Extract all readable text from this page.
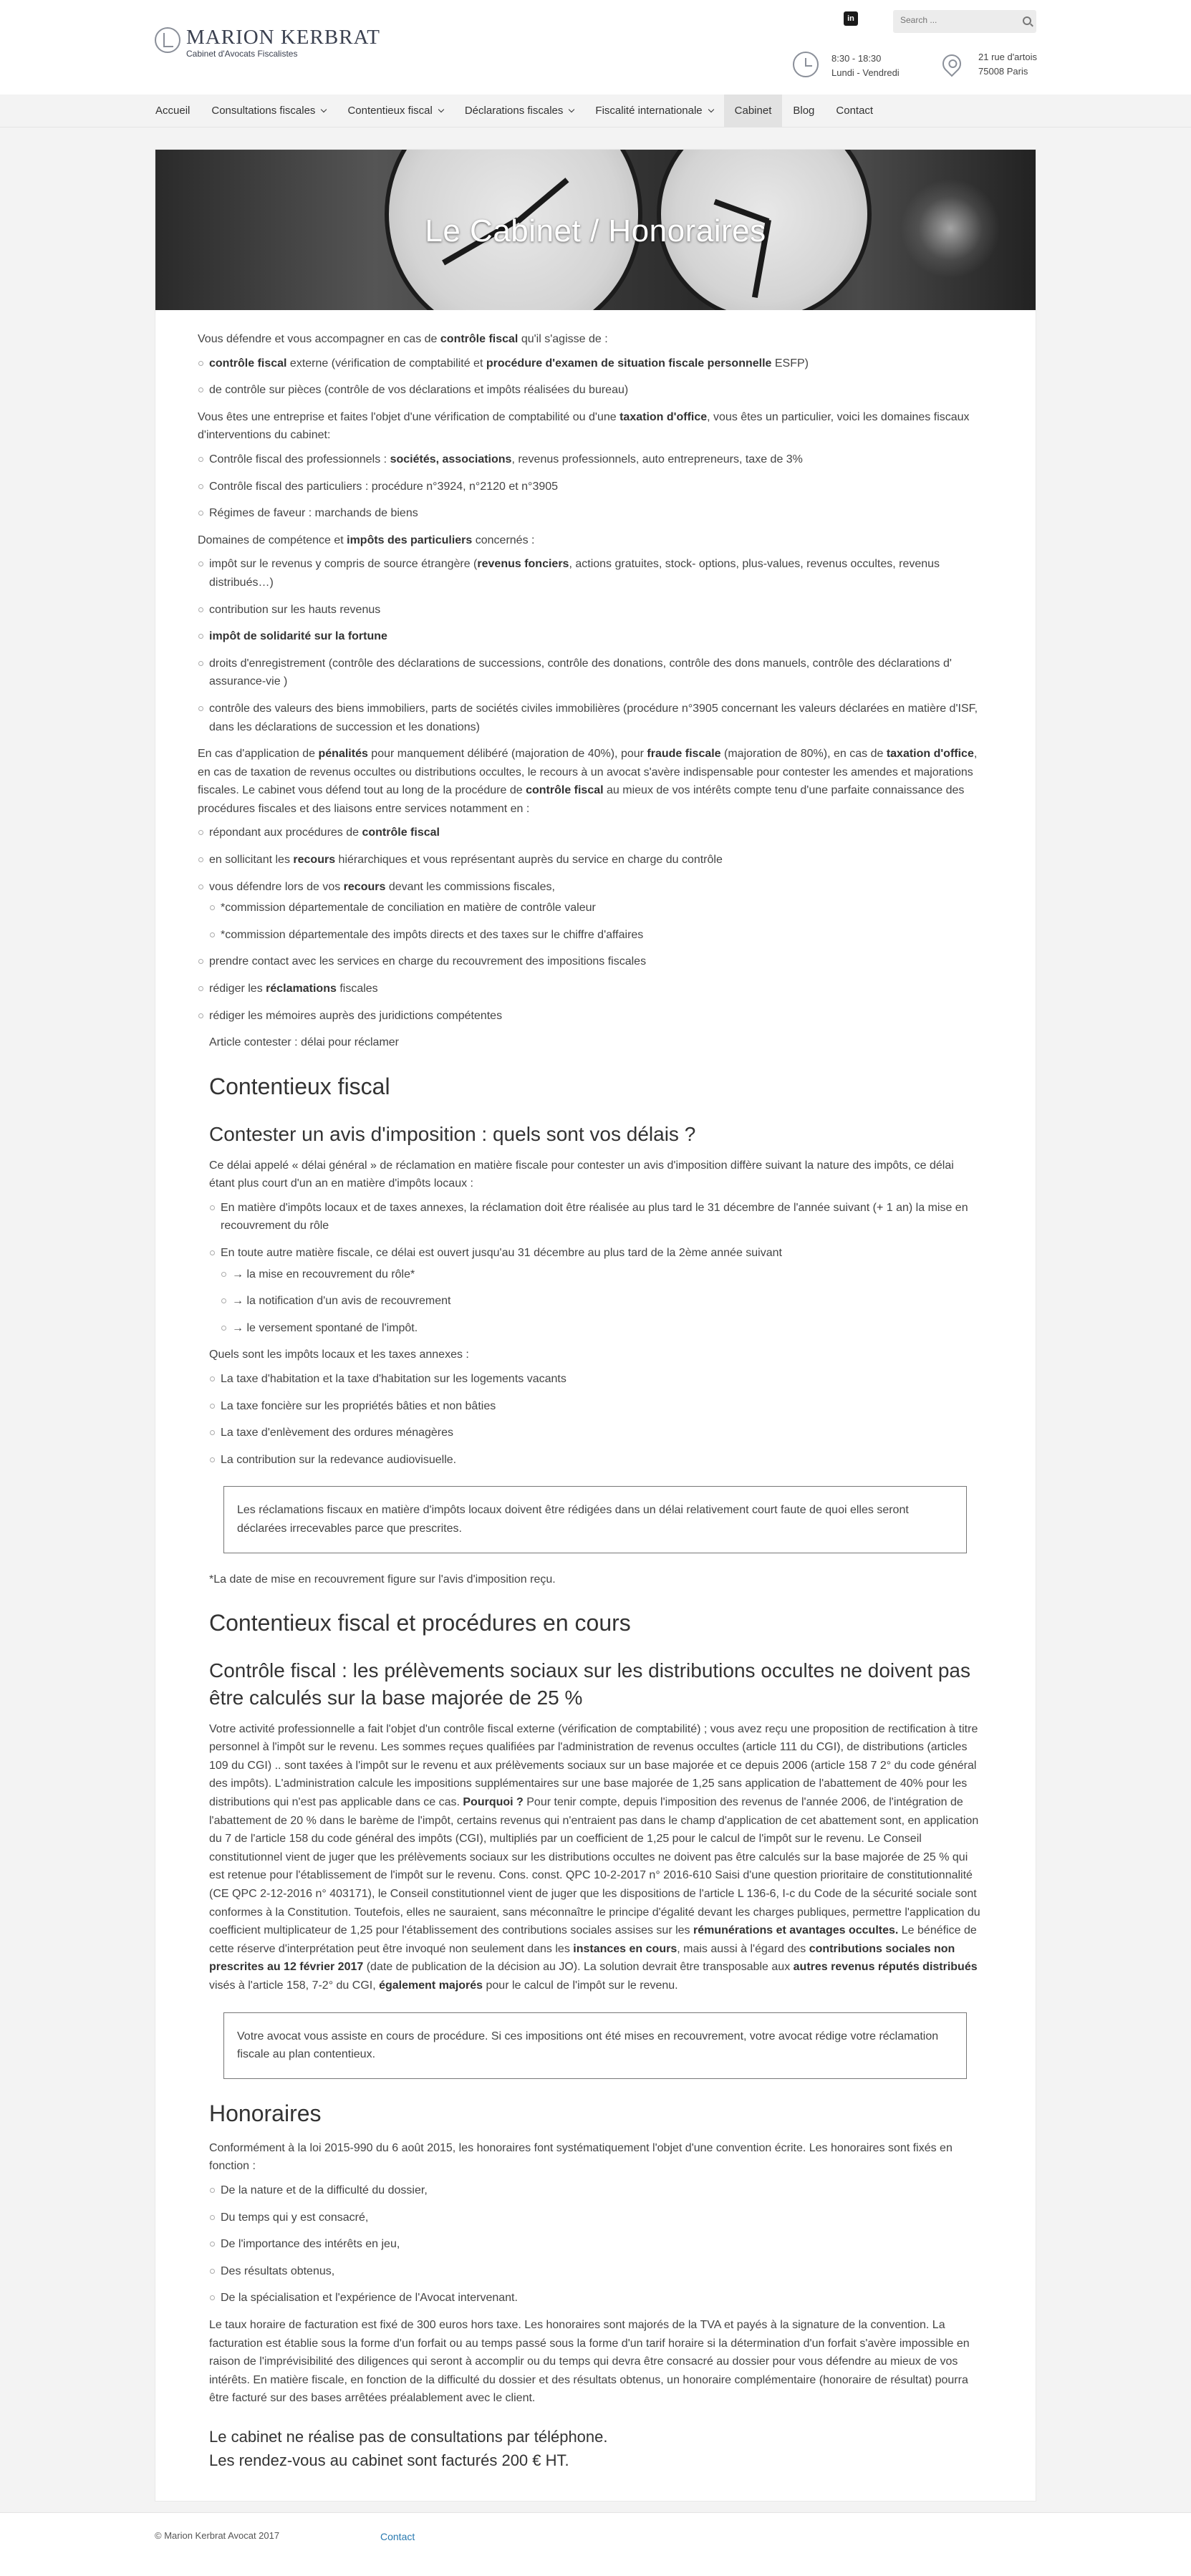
MARION KERBRAT
Cabinet d'Avocats Fiscalistes
in
Search ...
8:30 - 18:30
Lundi - Vendredi
21 rue d'artois
75008 Paris
Accueil Consultations fiscales	Contentieux fiscal	Déclarations fiscales	Fiscalité internationale	Cabinet Blog Contact
Le Cabinet / Honoraires

Vous défendre et vous accompagner en cas de contrôle fiscal qu'il s'agisse de :

contrôle fiscal externe (vérification de comptabilité et procédure d'examen de situation fiscale personnelle ESFP)
de contrôle sur pièces (contrôle de vos déclarations et impôts réalisées du bureau)

Vous êtes une entreprise et faites l'objet d'une vérification de comptabilité ou d'une taxation d'office, vous êtes un particulier, voici les domaines fiscaux d'interventions du cabinet:

Contrôle fiscal des professionnels : sociétés, associations, revenus professionnels, auto entrepreneurs, taxe de 3%
Contrôle fiscal des particuliers : procédure n°3924, n°2120 et n°3905
Régimes de faveur : marchands de biens

Domaines de compétence et impôts des particuliers concernés :

impôt sur le revenus y compris de source étrangère (revenus fonciers, actions gratuites, stock- options, plus-values, revenus occultes, revenus distribués…)
contribution sur les hauts revenus
impôt de solidarité sur la fortune
droits d'enregistrement (contrôle des déclarations de successions, contrôle des donations, contrôle des dons manuels, contrôle des déclarations d' assurance-vie )
contrôle des valeurs des biens immobiliers, parts de sociétés civiles immobilières (procédure n°3905 concernant les valeurs déclarées en matière d'ISF, dans les déclarations de succession et les donations)

En cas d'application de pénalités pour manquement délibéré (majoration de 40%), pour fraude fiscale (majoration de 80%), en cas de taxation d'office, en cas de taxation de revenus occultes ou distributions occultes, le recours à un avocat s'avère indispensable pour contester les amendes et majorations fiscales. Le cabinet vous défend tout au long de la procédure de contrôle fiscal au mieux de vos intérêts compte tenu d'une parfaite connaissance des procédures fiscales et des liaisons entre services notamment en :

répondant aux procédures de contrôle fiscal
en sollicitant les recours hiérarchiques et vous représentant auprès du service en charge du contrôle
vous défendre lors de vos recours devant les commissions fiscales,
*commission départementale de conciliation en matière de contrôle valeur
*commission départementale des impôts directs et des taxes sur le chiffre d'affaires
prendre contact avec les services en charge du recouvrement des impositions fiscales
rédiger les réclamations fiscales
rédiger les mémoires auprès des juridictions compétentes

Article contester : délai pour réclamer

Contentieux fiscal
Contester un avis d'imposition : quels sont vos délais ?

Ce délai appelé « délai général » de réclamation en matière fiscale pour contester un avis d'imposition diffère suivant la nature des impôts, ce délai étant plus court d'un an en matière d'impôts locaux :

En matière d'impôts locaux et de taxes annexes, la réclamation doit être réalisée au plus tard le 31 décembre de l'année suivant (+ 1 an) la mise en recouvrement du rôle
En toute autre matière fiscale, ce délai est ouvert jusqu'au 31 décembre au plus tard de la 2ème année suivant
→ la mise en recouvrement du rôle*
→ la notification d'un avis de recouvrement
→ le versement spontané de l'impôt.

Quels sont les impôts locaux et les taxes annexes :

La taxe d'habitation et la taxe d'habitation sur les logements vacants
La taxe foncière sur les propriétés bâties et non bâties
La taxe d'enlèvement des ordures ménagères
La contribution sur la redevance audiovisuelle.
Les réclamations fiscaux en matière d'impôts locaux doivent être rédigées dans un délai relativement court faute de quoi elles seront déclarées irrecevables parce que prescrites.

*La date de mise en recouvrement figure sur l'avis d'imposition reçu.

Contentieux fiscal et procédures en cours
Contrôle fiscal : les prélèvements sociaux sur les distributions occultes ne doivent pas être calculés sur la base majorée de 25 %

Votre activité professionnelle a fait l'objet d'un contrôle fiscal externe (vérification de comptabilité) ; vous avez reçu une proposition de rectification à titre personnel à l'impôt sur le revenu. Les sommes reçues qualifiées par l'administration de revenus occultes (article 111 du CGI), de distributions (articles 109 du CGI) .. sont taxées à l'impôt sur le revenu et aux prélèvements sociaux sur un base majorée et ce depuis 2006 (article 158 7 2° du code général des impôts). L'administration calcule les impositions supplémentaires sur une base majorée de 1,25 sans application de l'abattement de 40% pour les distributions qui n'est pas applicable dans ce cas. Pourquoi ? Pour tenir compte, depuis l'imposition des revenus de l'année 2006, de l'intégration de l'abattement de 20 % dans le barème de l'impôt, certains revenus qui n'entraient pas dans le champ d'application de cet abattement sont, en application du 7 de l'article 158 du code général des impôts (CGI), multipliés par un coefficient de 1,25 pour le calcul de l'impôt sur le revenu. Le Conseil constitutionnel vient de juger que les prélèvements sociaux sur les distributions occultes ne doivent pas être calculés sur la base majorée de 25 % qui est retenue pour l'établissement de l'impôt sur le revenu. Cons. const. QPC 10-2-2017 n° 2016-610 Saisi d'une question prioritaire de constitutionnalité (CE QPC 2-12-2016 n° 403171), le Conseil constitutionnel vient de juger que les dispositions de l'article L 136-6, I-c du Code de la sécurité sociale sont conformes à la Constitution. Toutefois, elles ne sauraient, sans méconnaître le principe d'égalité devant les charges publiques, permettre l'application du coefficient multiplicateur de 1,25 pour l'établissement des contributions sociales assises sur les rémunérations et avantages occultes. Le bénéfice de cette réserve d'interprétation peut être invoqué non seulement dans les instances en cours, mais aussi à l'égard des contributions sociales non prescrites au 12 février 2017 (date de publication de la décision au JO). La solution devrait être transposable aux autres revenus réputés distribués visés à l'article 158, 7-2° du CGI, également majorés pour le calcul de l'impôt sur le revenu.

Votre avocat vous assiste en cours de procédure. Si ces impositions ont été mises en recouvrement, votre avocat rédige votre réclamation fiscale au plan contentieux.
Honoraires

Conformément à la loi 2015-990 du 6 août 2015, les honoraires font systématiquement l'objet d'une convention écrite. Les honoraires sont fixés en fonction :

De la nature et de la difficulté du dossier,
Du temps qui y est consacré,
De l'importance des intérêts en jeu,
Des résultats obtenus,
De la spécialisation et l'expérience de l'Avocat intervenant.

Le taux horaire de facturation est fixé de 300 euros hors taxe. Les honoraires sont majorés de la TVA et payés à la signature de la convention. La facturation est établie sous la forme d'un forfait ou au temps passé sous la forme d'un tarif horaire si la détermination d'un forfait s'avère impossible en raison de l'imprévisibilité des diligences qui seront à accomplir ou du temps qui devra être consacré au dossier pour vous défendre au mieux de vos intérêts. En matière fiscale, en fonction de la difficulté du dossier et des résultats obtenus, un honoraire complémentaire (honoraire de résultat) pourra être facturé sur des bases arrêtées préalablement avec le client.

Le cabinet ne réalise pas de consultations par téléphone.
Les rendez-vous au cabinet sont facturés 200 € HT.
© Marion Kerbrat Avocat 2017	Contact
